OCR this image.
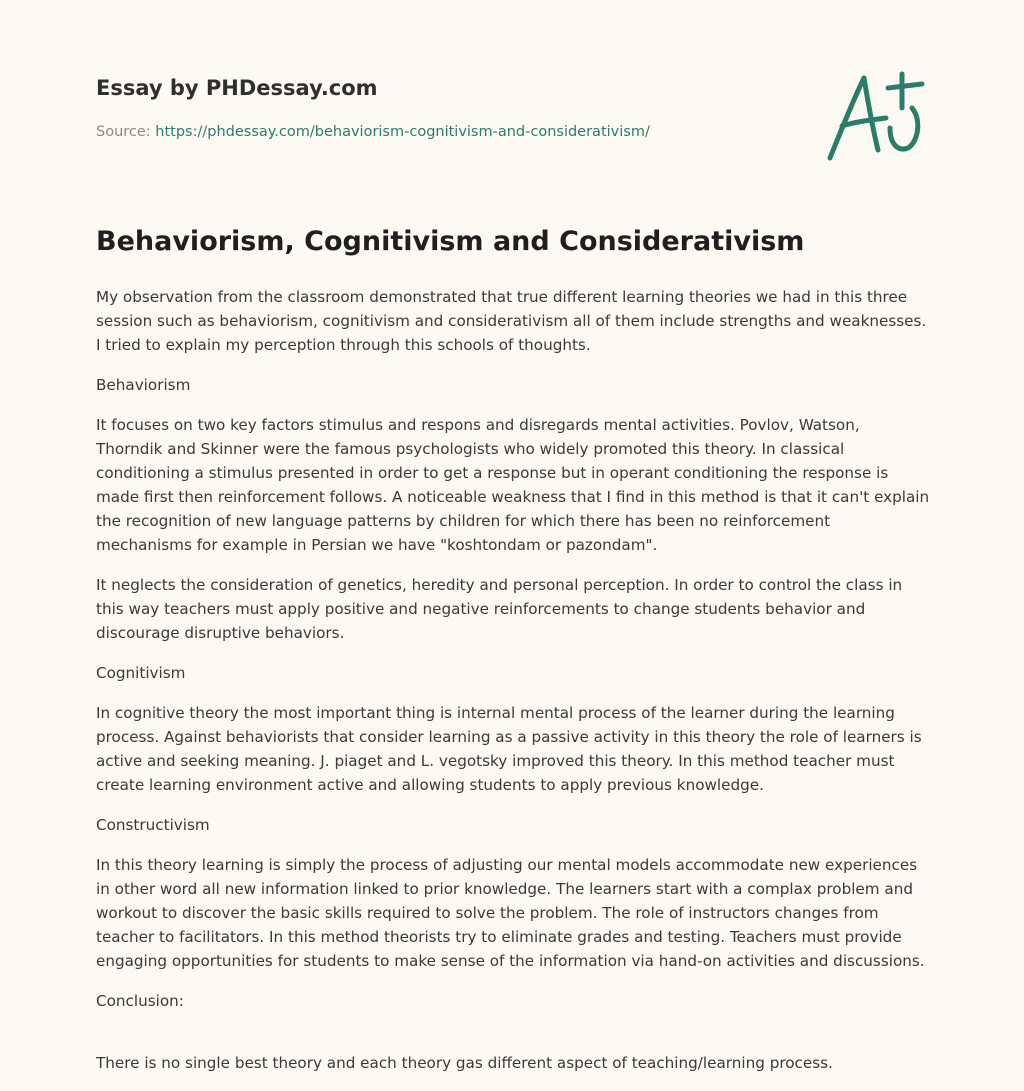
Essay by PHDessay.com

Source: https://phdessay.com/behaviorism-cognitivism-and-considerativism/

Behaviorism, Cognitivism and Considerativism

My observation from the classroom demonstrated that true different learning theories we had in this three session such as behaviorism, cognitivism and considerativism all of them include strengths and weaknesses. I tried to explain my perception through this schools of thoughts.

Behaviorism

It focuses on two key factors stimulus and respons and disregards mental activities. Povlov, Watson, Thorndik and Skinner were the famous psychologists who widely promoted this theory. In classical conditioning a stimulus presented in order to get a response but in operant conditioning the response is made first then reinforcement follows. A noticeable weakness that I find in this method is that it can't explain the recognition of new language patterns by children for which there has been no reinforcement mechanisms for example in Persian we have "koshtondam or pazondam".

It neglects the consideration of genetics, heredity and personal perception. In order to control the class in this way teachers must apply positive and negative reinforcements to change students behavior and discourage disruptive behaviors.

Cognitivism

In cognitive theory the most important thing is internal mental process of the learner during the learning process. Against behaviorists that consider learning as a passive activity in this theory the role of learners is active and seeking meaning. J. piaget and L. vegotsky improved this theory. In this method teacher must create learning environment active and allowing students to apply previous knowledge.

Constructivism

In this theory learning is simply the process of adjusting our mental models accommodate new experiences in other word all new information linked to prior knowledge. The learners start with a complax problem and workout to discover the basic skills required to solve the problem. The role of instructors changes from teacher to facilitators. In this method theorists try to eliminate grades and testing. Teachers must provide engaging opportunities for students to make sense of the information via hand-on activities and discussions.

Conclusion:

There is no single best theory and each theory gas different aspect of teaching/learning process.
